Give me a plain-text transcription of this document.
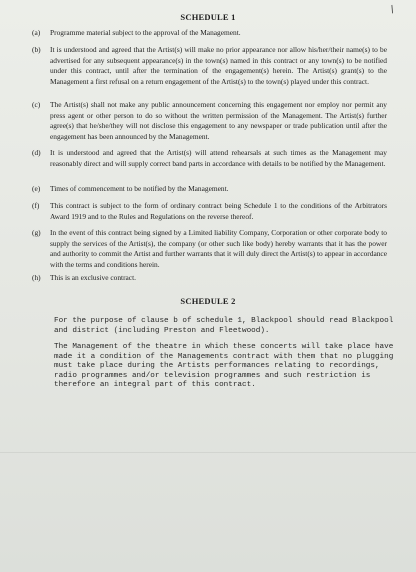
/
SCHEDULE 1
(a) Programme material subject to the approval of the Management.
(b) It is understood and agreed that the Artist(s) will make no prior appearance nor allow his/her/their name(s) to be advertised for any subsequent appearance(s) in the town(s) named in this contract or any town(s) to be notified under this contract, until after the termination of the engagement(s) herein. The Artist(s) grant(s) to the Management a first refusal on a return engagement of the Artist(s) to the town(s) played under this contract.
(c) The Artist(s) shall not make any public announcement concerning this engagement nor employ nor permit any press agent or other person to do so without the written permission of the Management. The Artist(s) further agree(s) that he/she/they will not disclose this engagement to any newspaper or trade publication until after the engagement has been announced by the Management.
(d) It is understood and agreed that the Artist(s) will attend rehearsals at such times as the Management may reasonably direct and will supply correct band parts in accordance with details to be notified by the Management.
(e) Times of commencement to be notified by the Management.
(f) This contract is subject to the form of ordinary contract being Schedule 1 to the conditions of the Arbitrators Award 1919 and to the Rules and Regulations on the reverse thereof.
(g) In the event of this contract being signed by a Limited liability Company, Corporation or other corporate body to supply the services of the Artist(s), the company (or other such like body) hereby warrants that it has the power and authority to commit the Artist and further warrants that it will duly direct the Artist(s) to appear in accordance with the terms and conditions herein.
(h) This is an exclusive contract.
SCHEDULE 2
For the purpose of clause b of schedule 1, Blackpool should read Blackpool and district (including Preston and Fleetwood).
The Management of the theatre in which these concerts will take place have made it a condition of the Managements contract with them that no plugging must take place during the Artists performances relating to recordings, radio programmes and/or television programmes and such restriction is therefore an integral part of this contract.
